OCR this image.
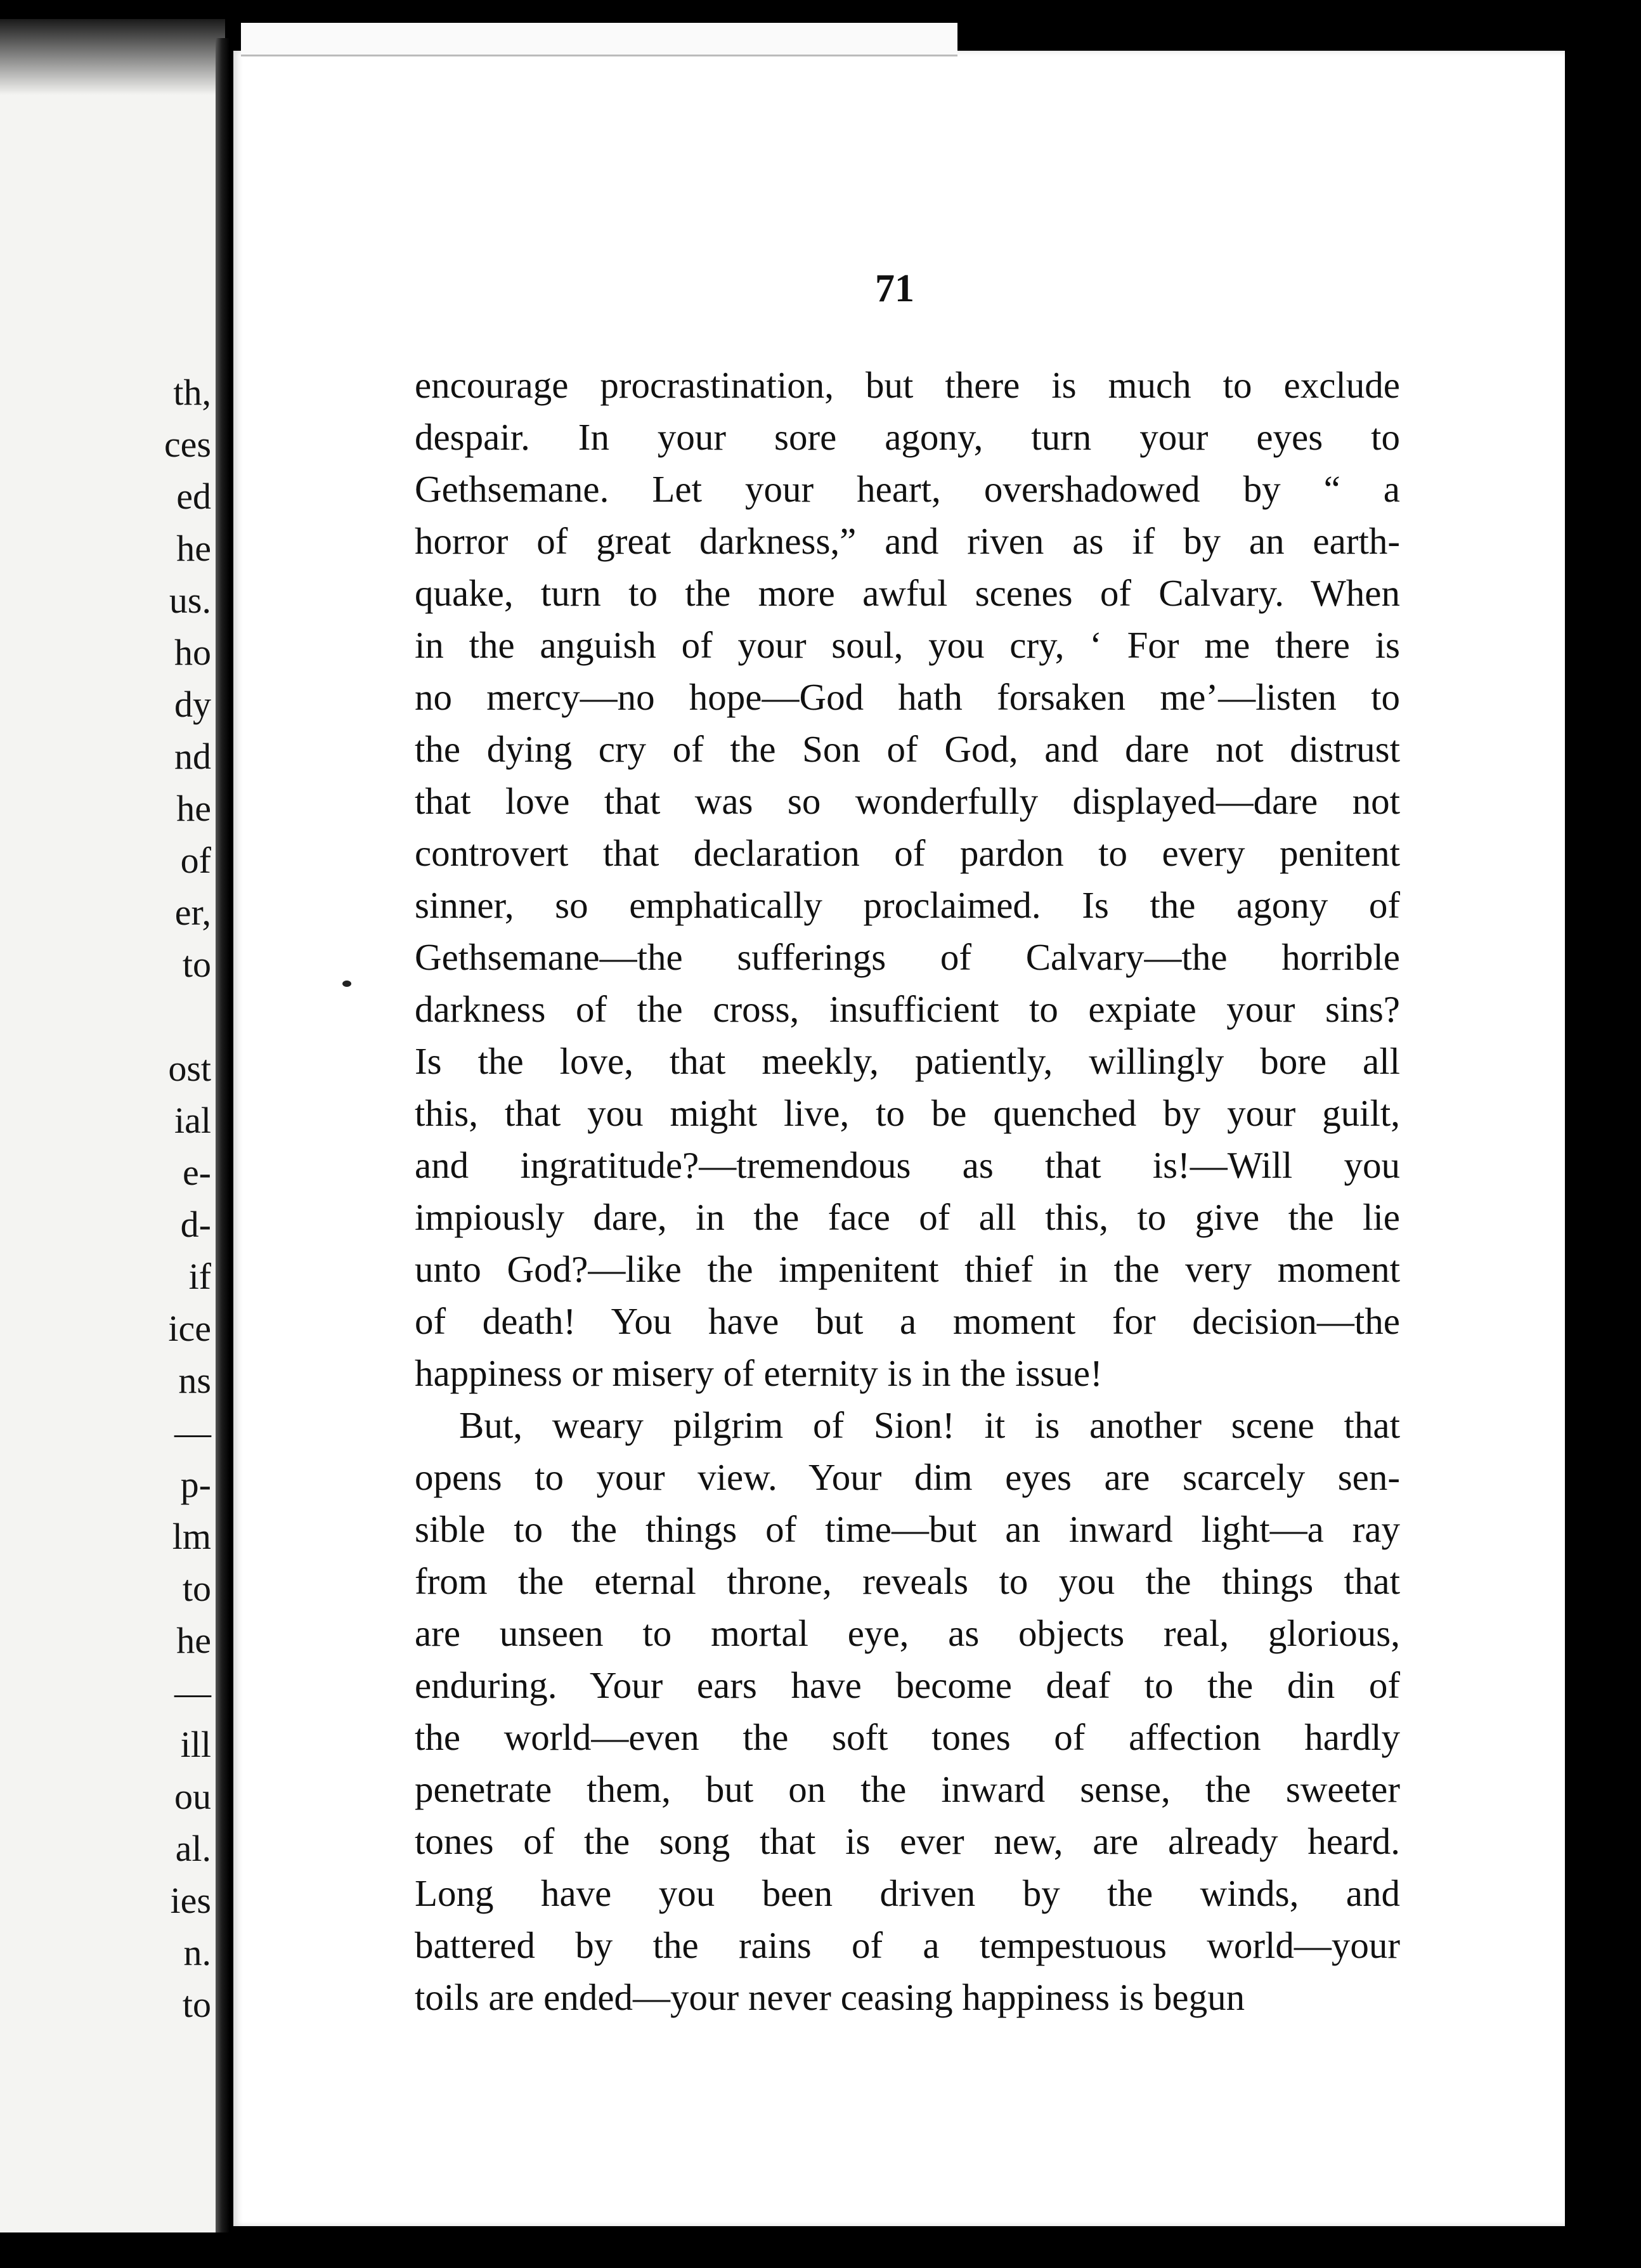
th,
ces
ed
he
us.
ho
dy
nd
he
of
er,
to
ost
ial
e-
d-
if
ice
ns
—
p-
lm
to
he
—
ill
ou
al.
ies
n.
to
71
encourage procrastination, but there is much to exclude
despair. In your sore agony, turn your eyes to
Gethsemane. Let your heart, overshadowed by “ a
horror of great darkness,” and riven as if by an earth-
quake, turn to the more awful scenes of Calvary. When
in the anguish of your soul, you cry, ‘ For me there is
no mercy—no hope—God hath forsaken me’—listen to
the dying cry of the Son of God, and dare not distrust
that love that was so wonderfully displayed—dare not
controvert that declaration of pardon to every penitent
sinner, so emphatically proclaimed. Is the agony of
Gethsemane—the sufferings of Calvary—the horrible
darkness of the cross, insufficient to expiate your sins?
Is the love, that meekly, patiently, willingly bore all
this, that you might live, to be quenched by your guilt,
and ingratitude?—tremendous as that is!—Will you
impiously dare, in the face of all this, to give the lie
unto God?—like the impenitent thief in the very moment
of death! You have but a moment for decision—the
happiness or misery of eternity is in the issue!
But, weary pilgrim of Sion! it is another scene that
opens to your view. Your dim eyes are scarcely sen-
sible to the things of time—but an inward light—a ray
from the eternal throne, reveals to you the things that
are unseen to mortal eye, as objects real, glorious,
enduring. Your ears have become deaf to the din of
the world—even the soft tones of affection hardly
penetrate them, but on the inward sense, the sweeter
tones of the song that is ever new, are already heard.
Long have you been driven by the winds, and
battered by the rains of a tempestuous world—your
toils are ended—your never ceasing happiness is begun
